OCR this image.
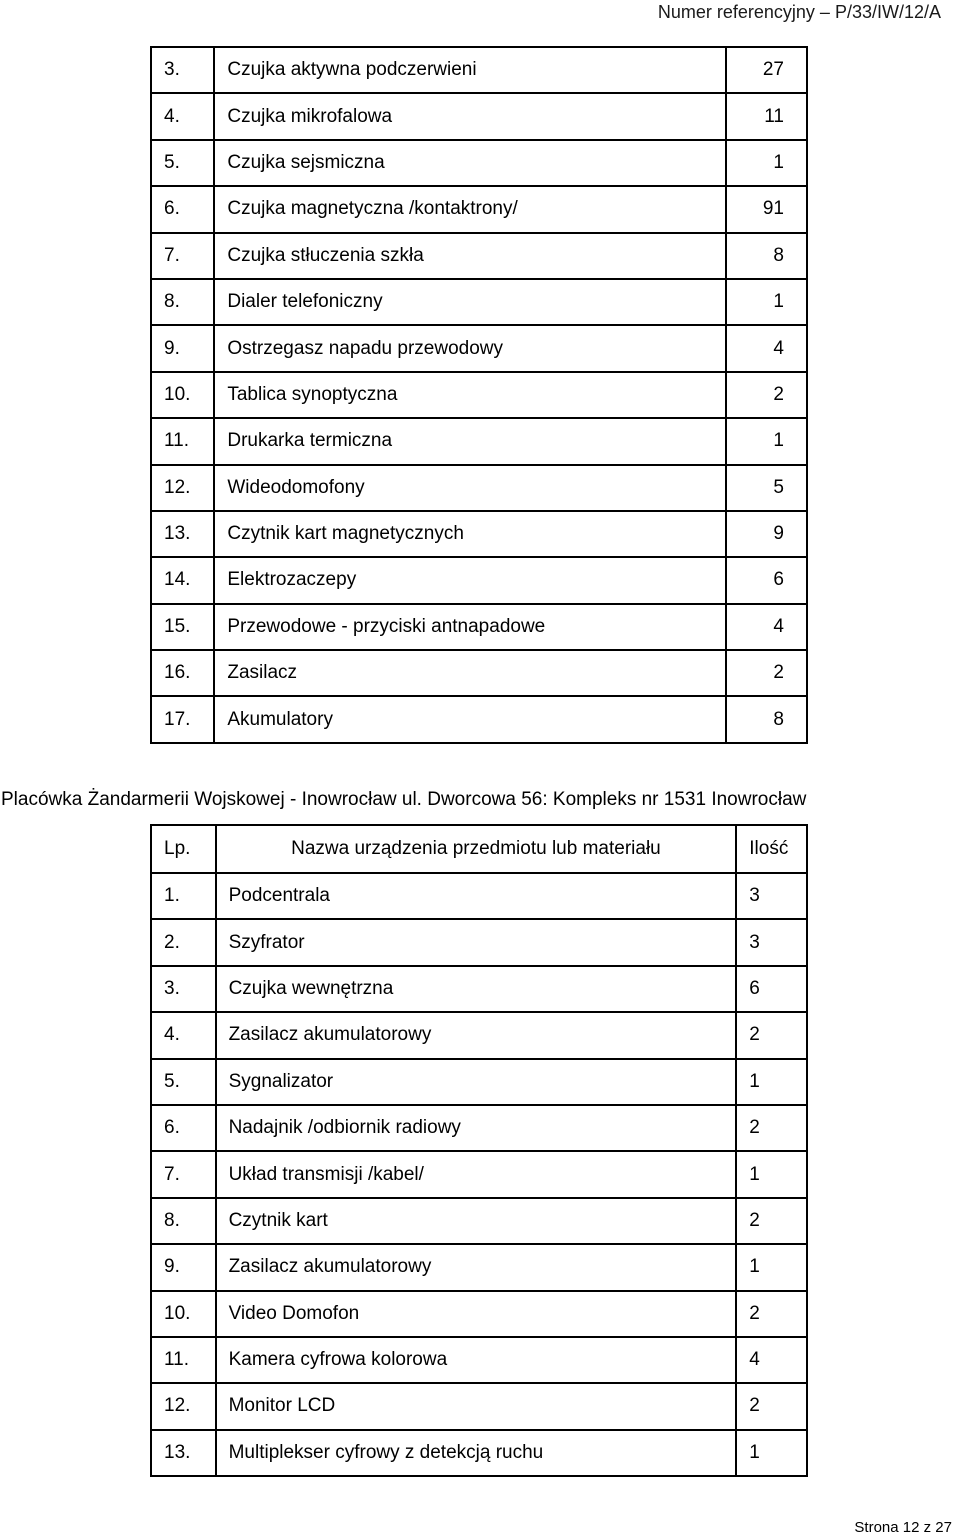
Numer referencyjny – P/33/IW/12/A
3.	Czujka aktywna podczerwieni	27
4.	Czujka mikrofalowa	11
5.	Czujka sejsmiczna	1
6.	Czujka magnetyczna /kontaktrony/	91
7.	Czujka stłuczenia szkła	8
8.	Dialer telefoniczny	1
9.	Ostrzegasz napadu przewodowy	4
10.	Tablica synoptyczna	2
11.	Drukarka termiczna	1
12.	Wideodomofony	5
13.	Czytnik kart magnetycznych	9
14.	Elektrozaczepy	6
15.	Przewodowe - przyciski antnapadowe	4
16.	Zasilacz	2
17.	Akumulatory	8
Placówka Żandarmerii Wojskowej - Inowrocław ul. Dworcowa 56: Kompleks nr 1531 Inowrocław
Lp.	Nazwa urządzenia przedmiotu lub materiału	Ilość
1.	Podcentrala	3
2.	Szyfrator	3
3.	Czujka wewnętrzna	6
4.	Zasilacz akumulatorowy	2
5.	Sygnalizator	1
6.	Nadajnik /odbiornik radiowy	2
7.	Układ transmisji /kabel/	1
8.	Czytnik kart	2
9.	Zasilacz akumulatorowy	1
10.	Video Domofon	2
11.	Kamera cyfrowa kolorowa	4
12.	Monitor LCD	2
13.	Multiplekser cyfrowy z detekcją ruchu	1
Strona 12 z 27
